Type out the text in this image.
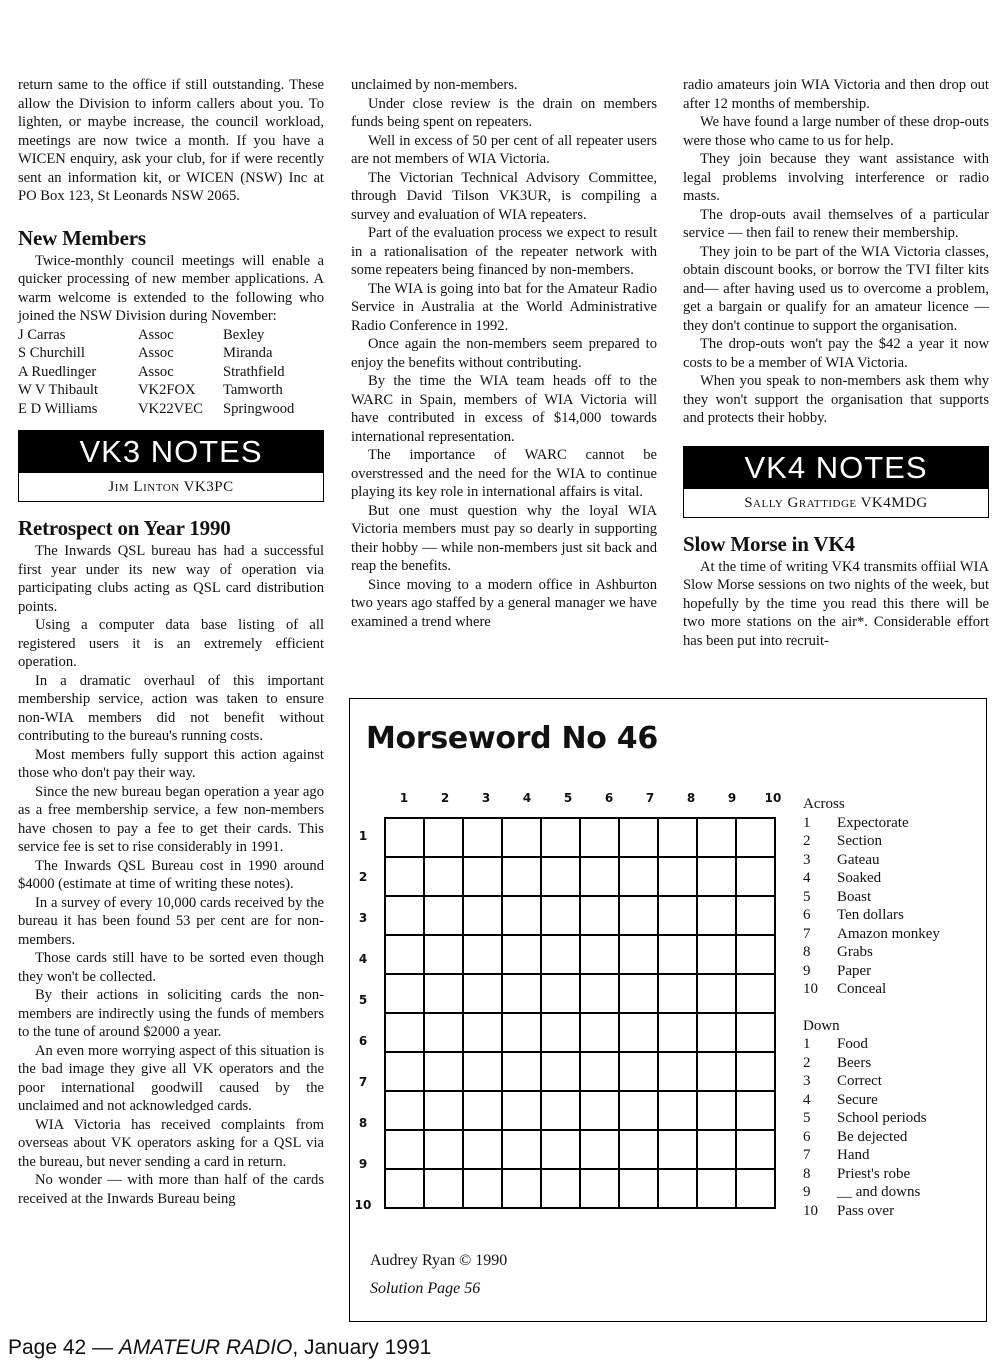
return same to the office if still outstanding. These allow the Division to inform callers about you. To lighten, or maybe increase, the council workload, meetings are now twice a month. If you have a WICEN enquiry, ask your club, for if were recently sent an information kit, or WICEN (NSW) Inc at PO Box 123, St Leonards NSW 2065.

New Members

Twice-monthly council meetings will enable a quicker processing of new member applications. A warm welcome is extended to the following who joined the NSW Division during November:

J Carras	Assoc	Bexley
S Churchill	Assoc	Miranda
A Ruedlinger	Assoc	Strathfield
W V Thibault	VK2FOX	Tamworth
E D Williams	VK22VEC	Springwood
VK3 NOTES
Jim Linton VK3PC
Retrospect on Year 1990

The Inwards QSL bureau has had a successful first year under its new way of operation via participating clubs acting as QSL card distribution points.

Using a computer data base listing of all registered users it is an extremely efficient operation.

In a dramatic overhaul of this important membership service, action was taken to ensure non-WIA members did not benefit without contributing to the bureau's running costs.

Most members fully support this action against those who don't pay their way.

Since the new bureau began operation a year ago as a free membership service, a few non-members have chosen to pay a fee to get their cards. This service fee is set to rise considerably in 1991.

The Inwards QSL Bureau cost in 1990 around $4000 (estimate at time of writing these notes).

In a survey of every 10,000 cards received by the bureau it has been found 53 per cent are for non-members.

Those cards still have to be sorted even though they won't be collected.

By their actions in soliciting cards the non-members are indirectly using the funds of members to the tune of around $2000 a year.

An even more worrying aspect of this situation is the bad image they give all VK operators and the poor international goodwill caused by the unclaimed and not acknowledged cards.

WIA Victoria has received complaints from overseas about VK operators asking for a QSL via the bureau, but never sending a card in return.

No wonder — with more than half of the cards received at the Inwards Bureau being

unclaimed by non-members.

Under close review is the drain on members funds being spent on repeaters.

Well in excess of 50 per cent of all repeater users are not members of WIA Victoria.

The Victorian Technical Advisory Committee, through David Tilson VK3UR, is compiling a survey and evaluation of WIA repeaters.

Part of the evaluation process we expect to result in a rationalisation of the repeater network with some repeaters being financed by non-members.

The WIA is going into bat for the Amateur Radio Service in Australia at the World Administrative Radio Conference in 1992.

Once again the non-members seem prepared to enjoy the benefits without contributing.

By the time the WIA team heads off to the WARC in Spain, members of WIA Victoria will have contributed in excess of $14,000 towards international representation.

The importance of WARC cannot be overstressed and the need for the WIA to continue playing its key role in international affairs is vital.

But one must question why the loyal WIA Victoria members must pay so dearly in supporting their hobby — while non-members just sit back and reap the benefits.

Since moving to a modern office in Ashburton two years ago staffed by a general manager we have examined a trend where

radio amateurs join WIA Victoria and then drop out after 12 months of membership.

We have found a large number of these drop-outs were those who came to us for help.

They join because they want assistance with legal problems involving interference or radio masts.

The drop-outs avail themselves of a particular service — then fail to renew their membership.

They join to be part of the WIA Victoria classes, obtain discount books, or borrow the TVI filter kits and— after having used us to overcome a problem, get a bargain or qualify for an amateur licence — they don't continue to support the organisation.

The drop-outs won't pay the $42 a year it now costs to be a member of WIA Victoria.

When you speak to non-members ask them why they won't support the organisation that supports and protects their hobby.

VK4 NOTES
Sally Grattidge VK4MDG
Slow Morse in VK4

At the time of writing VK4 transmits offiial WIA Slow Morse sessions on two nights of the week, but hopefully by the time you read this there will be two more stations on the air*. Considerable effort has been put into recruit-

Morseword No 46
1	2	3	4	5	6	7	8	9	10
1
2
3
4
5
6
7
8
9
10

Across
1	Expectorate
2	Section
3	Gateau
4	Soaked
5	Boast
6	Ten dollars
7	Amazon monkey
8	Grabs
9	Paper
10	Conceal
Down
1	Food
2	Beers
3	Correct
4	Secure
5	School periods
6	Be dejected
7	Hand
8	Priest's robe
9	__ and downs
10	Pass over
Audrey Ryan © 1990
Solution Page 56
Page 42 — AMATEUR RADIO, January 1991
